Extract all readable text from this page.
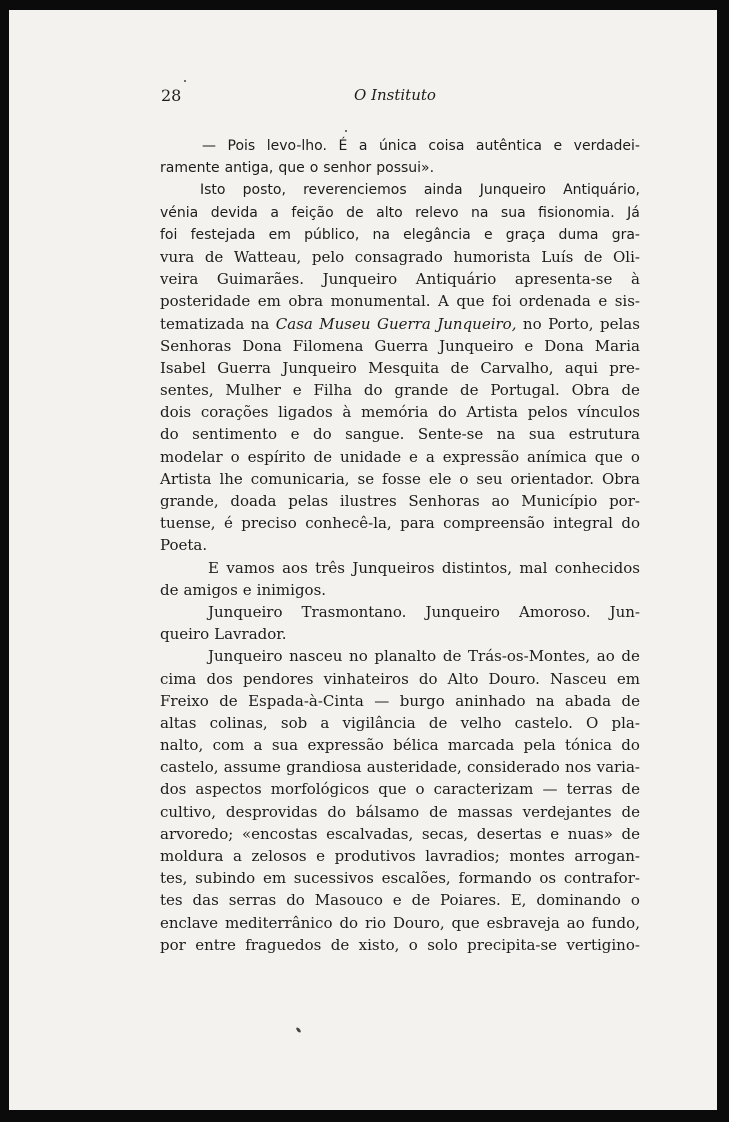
28	O Instituto
— Pois levo-lho. É a única coisa autêntica e verdadei-
ramente antiga, que o senhor possui».
Isto posto, reverenciemos ainda Junqueiro Antiquário,
vénia devida a feição de alto relevo na sua fisionomia. Já
foi festejada em público, na elegância e graça duma gra-
vura de Watteau, pelo consagrado humorista Luís de Oli-
veira Guimarães. Junqueiro Antiquário apresenta-se à
posteridade em obra monumental. A que foi ordenada e sis-
tematizada na Casa Museu Guerra Junqueiro, no Porto, pelas
Senhoras Dona Filomena Guerra Junqueiro e Dona Maria
Isabel Guerra Junqueiro Mesquita de Carvalho, aqui pre-
sentes, Mulher e Filha do grande de Portugal. Obra de
dois corações ligados à memória do Artista pelos vínculos
do sentimento e do sangue. Sente-se na sua estrutura
modelar o espírito de unidade e a expressão anímica que o
Artista lhe comunicaria, se fosse ele o seu orientador. Obra
grande, doada pelas ilustres Senhoras ao Município por-
tuense, é preciso conhecê-la, para compreensão integral do
Poeta.
E vamos aos três Junqueiros distintos, mal conhecidos
de amigos e inimigos.
Junqueiro Trasmontano. Junqueiro Amoroso. Jun-
queiro Lavrador.
Junqueiro nasceu no planalto de Trás-os-Montes, ao de
cima dos pendores vinhateiros do Alto Douro. Nasceu em
Freixo de Espada-à-Cinta — burgo aninhado na abada de
altas colinas, sob a vigilância de velho castelo. O pla-
nalto, com a sua expressão bélica marcada pela tónica do
castelo, assume grandiosa austeridade, considerado nos varia-
dos aspectos morfológicos que o caracterizam — terras de
cultivo, desprovidas do bálsamo de massas verdejantes de
arvoredo; «encostas escalvadas, secas, desertas e nuas» de
moldura a zelosos e produtivos lavradios; montes arrogan-
tes, subindo em sucessivos escalões, formando os contrafor-
tes das serras do Masouco e de Poiares. E, dominando o
enclave mediterrânico do rio Douro, que esbraveja ao fundo,
por entre fraguedos de xisto, o solo precipita-se vertigino-
